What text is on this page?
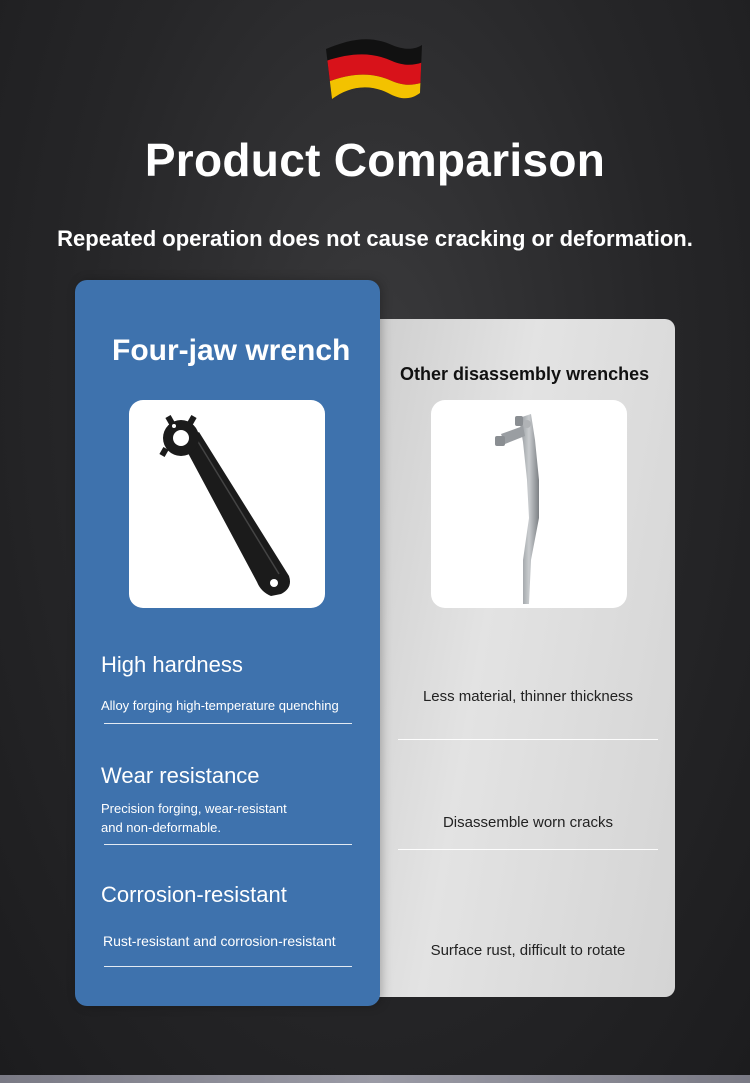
Product Comparison
Repeated operation does not cause cracking or deformation.
Four-jaw wrench
Other disassembly wrenches
High hardness
Alloy forging high-temperature quenching
Wear resistance
Precision forging, wear-resistant
and non-deformable.
Corrosion-resistant
Rust-resistant and corrosion-resistant
Less material, thinner thickness
Disassemble worn cracks
Surface rust, difficult to rotate
